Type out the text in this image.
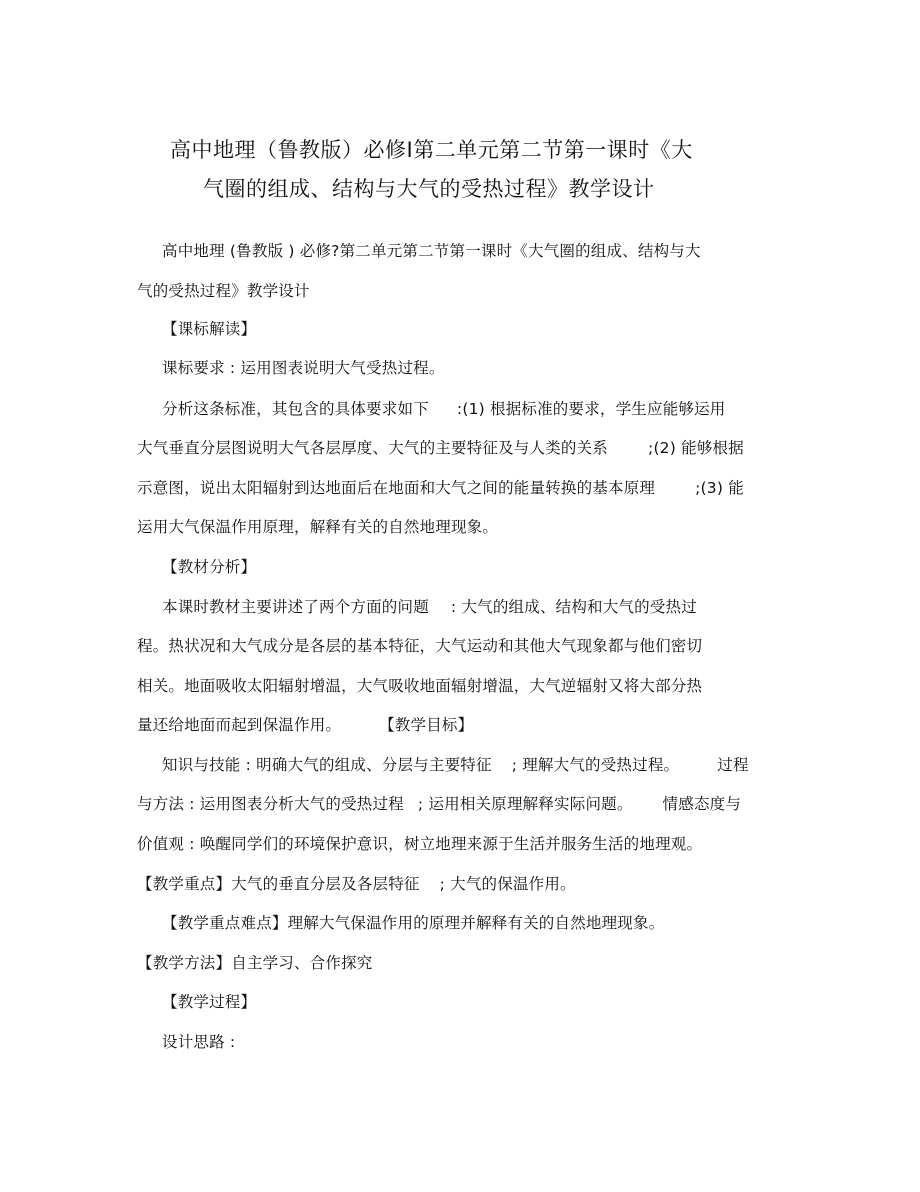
高中地理（鲁教版）必修Ⅰ第二单元第二节第一课时《大
气圈的组成、结构与大气的受热过程》教学设计
高中地理 (鲁教版 ) 必修?第二单元第二节第一课时《大气圈的组成、结构与大
气的受热过程》教学设计
【课标解读】
课标要求 : 运用图表说明大气受热过程。
分析这条标准，其包含的具体要求如下 :(1) 根据标准的要求，学生应能够运用
大气垂直分层图说明大气各层厚度、大气的主要特征及与人类的关系	;(2) 能够根据
示意图，说出太阳辐射到达地面后在地面和大气之间的能量转换的基本原理	;(3) 能
运用大气保温作用原理，解释有关的自然地理现象。
【教材分析】
本课时教材主要讲述了两个方面的问题 : 大气的组成、结构和大气的受热过
程。热状况和大气成分是各层的基本特征，大气运动和其他大气现象都与他们密切
相关。地面吸收太阳辐射增温，大气吸收地面辐射增温，大气逆辐射又将大部分热
量还给地面而起到保温作用。 【教学目标】
知识与技能 : 明确大气的组成、分层与主要特征 ; 理解大气的受热过程。 过程
与方法 : 运用图表分析大气的受热过程 ; 运用相关原理解释实际问题。 情感态度与
价值观 : 唤醒同学们的环境保护意识，树立地理来源于生活并服务生活的地理观。
【教学重点】大气的垂直分层及各层特征 ; 大气的保温作用。
【教学重点难点】理解大气保温作用的原理并解释有关的自然地理现象。
【教学方法】自主学习、合作探究
【教学过程】
设计思路 :
